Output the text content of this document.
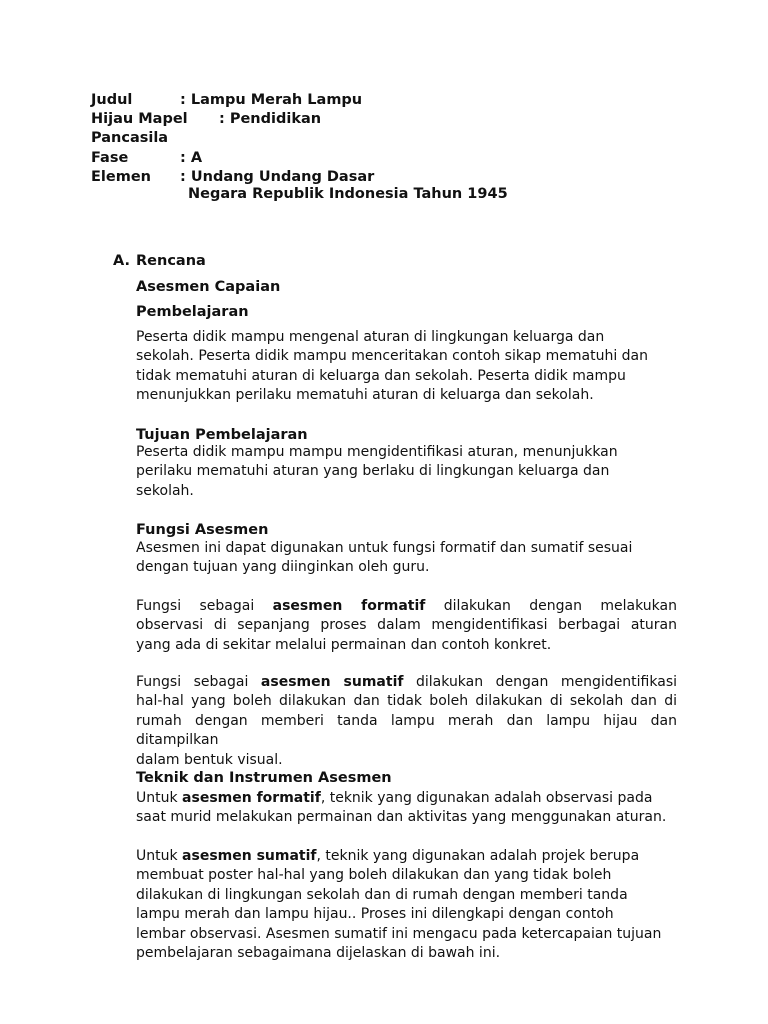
Judul	: Lampu Merah Lampu
Hijau Mapel : Pendidikan
Pancasila
Fase	: A
Elemen : Undang Undang Dasar
Negara Republik Indonesia Tahun 1945
A. Rencana
Asesmen Capaian
Pembelajaran
Peserta didik mampu mengenal aturan di lingkungan keluarga dan
sekolah. Peserta didik mampu menceritakan contoh sikap mematuhi dan
tidak mematuhi aturan di keluarga dan sekolah. Peserta didik mampu
menunjukkan perilaku mematuhi aturan di keluarga dan sekolah.
Tujuan Pembelajaran
Peserta didik mampu mampu mengidentifikasi aturan, menunjukkan
perilaku mematuhi aturan yang berlaku di lingkungan keluarga dan
sekolah.
Fungsi Asesmen
Asesmen ini dapat digunakan untuk fungsi formatif dan sumatif sesuai
dengan tujuan yang diinginkan oleh guru.
Fungsi sebagai asesmen formatif dilakukan dengan melakukan
observasi di sepanjang proses dalam mengidentifikasi berbagai aturan
yang ada di sekitar melalui permainan dan contoh konkret.
Fungsi sebagai asesmen sumatif dilakukan dengan mengidentifikasi
hal-hal yang boleh dilakukan dan tidak boleh dilakukan di sekolah dan di
rumah dengan memberi tanda lampu merah dan lampu hijau dan ditampilkan
dalam bentuk visual.
Teknik dan Instrumen Asesmen
Untuk asesmen formatif, teknik yang digunakan adalah observasi pada
saat murid melakukan permainan dan aktivitas yang menggunakan aturan.
Untuk asesmen sumatif, teknik yang digunakan adalah projek berupa
membuat poster hal-hal yang boleh dilakukan dan yang tidak boleh
dilakukan di lingkungan sekolah dan di rumah dengan memberi tanda
lampu merah dan lampu hijau.. Proses ini dilengkapi dengan contoh
lembar observasi. Asesmen sumatif ini mengacu pada ketercapaian tujuan
pembelajaran sebagaimana dijelaskan di bawah ini.
